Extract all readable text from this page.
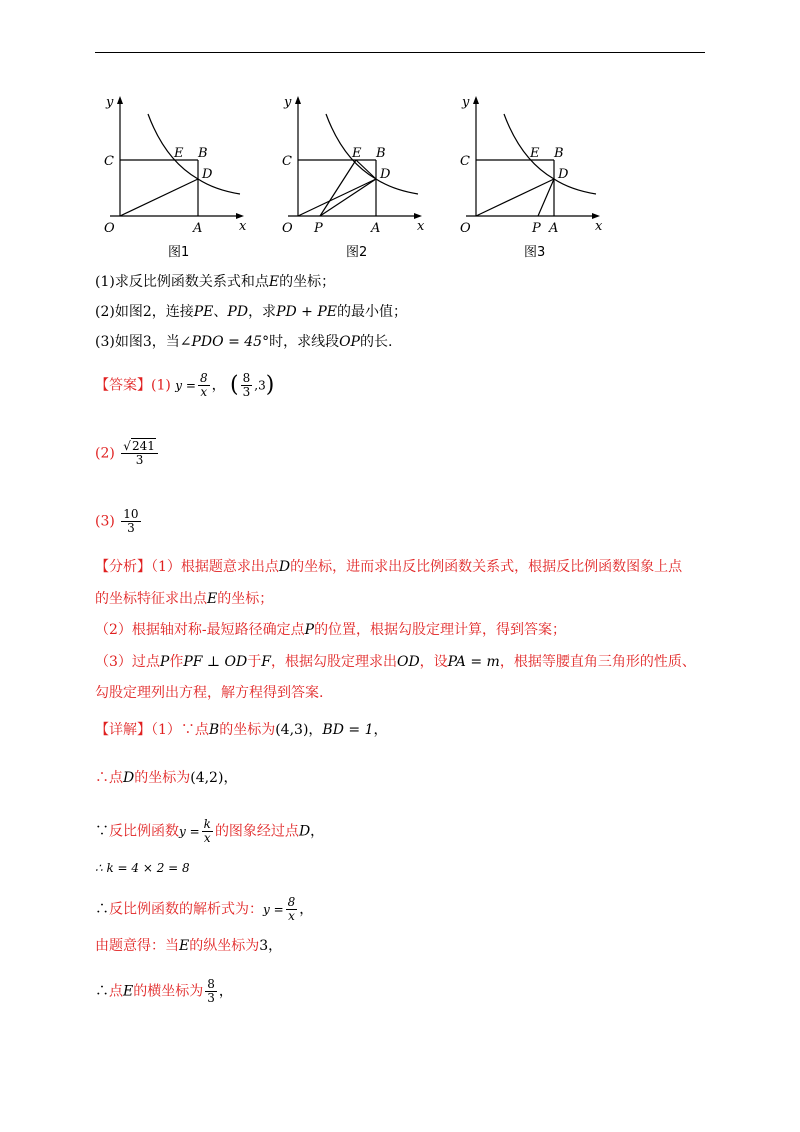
y
C
E B
D
O	A	x
图1
y
C
E B
D
O P	A	x
图2
y
C
E B
D
O	P A	x
图3
(1)求反比例函数关系式和点E的坐标；
(2)如图2，连接PE、PD，求PD + PE的最小值；
(3)如图3，当∠PDO = 45°时，求线段OP的长.
【答案】(1) $y = \frac{8}{x}$ ， ( $\frac{8}{3} ,3$)
$(2) \frac{√241}{3}$
$(3) \frac{10}{3}$
【分析】（1）根据题意求出点D的坐标，进而求出反比例函数关系式，根据反比例函数图象上点
的坐标特征求出点E的坐标；
（2）根据轴对称-最短路径确定点P的位置，根据勾股定理计算，得到答案；
（3）过点P作PF ⊥ OD于F，根据勾股定理求出OD，设PA = m，根据等腰直角三角形的性质、
勾股定理列出方程，解方程得到答案.
【详解】（1）∵点B的坐标为(4,3)，BD = 1，
∴点D的坐标为(4,2)，
∵反比例函数$y = \frac{k}{x}$ 的图象经过点D，
∴ k = 4 × 2 = 8
∴反比例函数的解析式为：$y = \frac{8}{x}$ ，
由题意得：当E的纵坐标为3，
∴点E的横坐标为 $\frac{8}{3}$ ，
